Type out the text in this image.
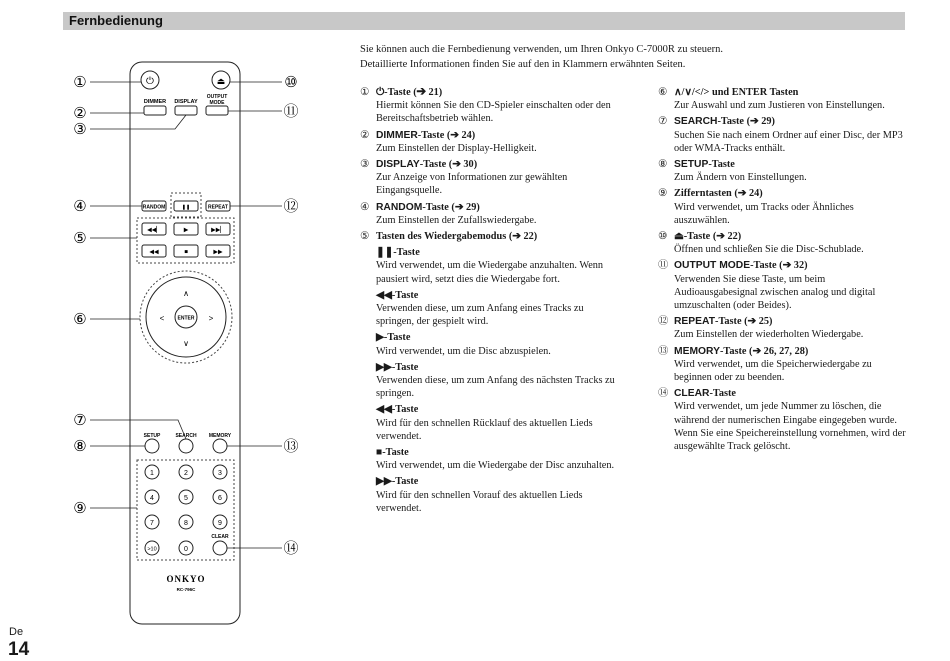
Fernbedienung
⏻	⏏
DIMMER DISPLAY
OUTPUT
MODE
RANDOM	❚❚	REPEAT
◀◀▏	▶	▶▶▏
◀◀	■	▶▶
ENTER
∧
∨
<	>
SETUP	SEARCH MEMORY
1	2	3
4	5	6
7	8	9
>10	0
CLEAR
ONKYO
RC-796C
①
②
③
④
⑤
⑥
⑦
⑧
⑨
⑩
⑪
⑫
⑬
⑭
Sie können auch die Fernbedienung verwenden, um Ihren Onkyo C-7000R zu steuern.
Detaillierte Informationen finden Sie auf den in Klammern erwähnten Seiten.
① ⏻-Taste (➔ 21)
Hiermit können Sie den CD-Spieler einschalten oder den Bereitschaftsbetrieb wählen.
② DIMMER-Taste (➔ 24)
Zum Einstellen der Display-Helligkeit.
③ DISPLAY-Taste (➔ 30)
Zur Anzeige von Informationen zur gewählten Eingangsquelle.
④ RANDOM-Taste (➔ 29)
Zum Einstellen der Zufallswiedergabe.
⑤ Tasten des Wiedergabemodus (➔ 22)
❚❚-Taste
Wird verwendet, um die Wiedergabe anzuhalten. Wenn pausiert wird, setzt dies die Wiedergabe fort.
◀◀-Taste
Verwenden diese, um zum Anfang eines Tracks zu springen, der gespielt wird.
▶-Taste
Wird verwendet, um die Disc abzuspielen.
▶▶-Taste
Verwenden diese, um zum Anfang des nächsten Tracks zu springen.
◀◀-Taste
Wird für den schnellen Rücklauf des aktuellen Lieds verwendet.
■-Taste
Wird verwendet, um die Wiedergabe der Disc anzuhalten.
▶▶-Taste
Wird für den schnellen Vorauf des aktuellen Lieds verwendet.
⑥ ∧/∨/</> und ENTER Tasten
Zur Auswahl und zum Justieren von Einstellungen.
⑦ SEARCH-Taste (➔ 29)
Suchen Sie nach einem Ordner auf einer Disc, der MP3 oder WMA-Tracks enthält.
⑧ SETUP-Taste
Zum Ändern von Einstellungen.
⑨ Zifferntasten (➔ 24)
Wird verwendet, um Tracks oder Ähnliches auszuwählen.
⑩ ⏏-Taste (➔ 22)
Öffnen und schließen Sie die Disc-Schublade.
⑪ OUTPUT MODE-Taste (➔ 32)
Verwenden Sie diese Taste, um beim Audioausgabesignal zwischen analog und digital umzuschalten (oder Beides).
⑫ REPEAT-Taste (➔ 25)
Zum Einstellen der wiederholten Wiedergabe.
⑬ MEMORY-Taste (➔ 26, 27, 28)
Wird verwendet, um die Speicherwiedergabe zu beginnen oder zu beenden.
⑭ CLEAR-Taste
Wird verwendet, um jede Nummer zu löschen, die während der numerischen Eingabe eingegeben wurde. Wenn Sie eine Speichereinstellung vornehmen, wird der ausgewählte Track gelöscht.
De
14
